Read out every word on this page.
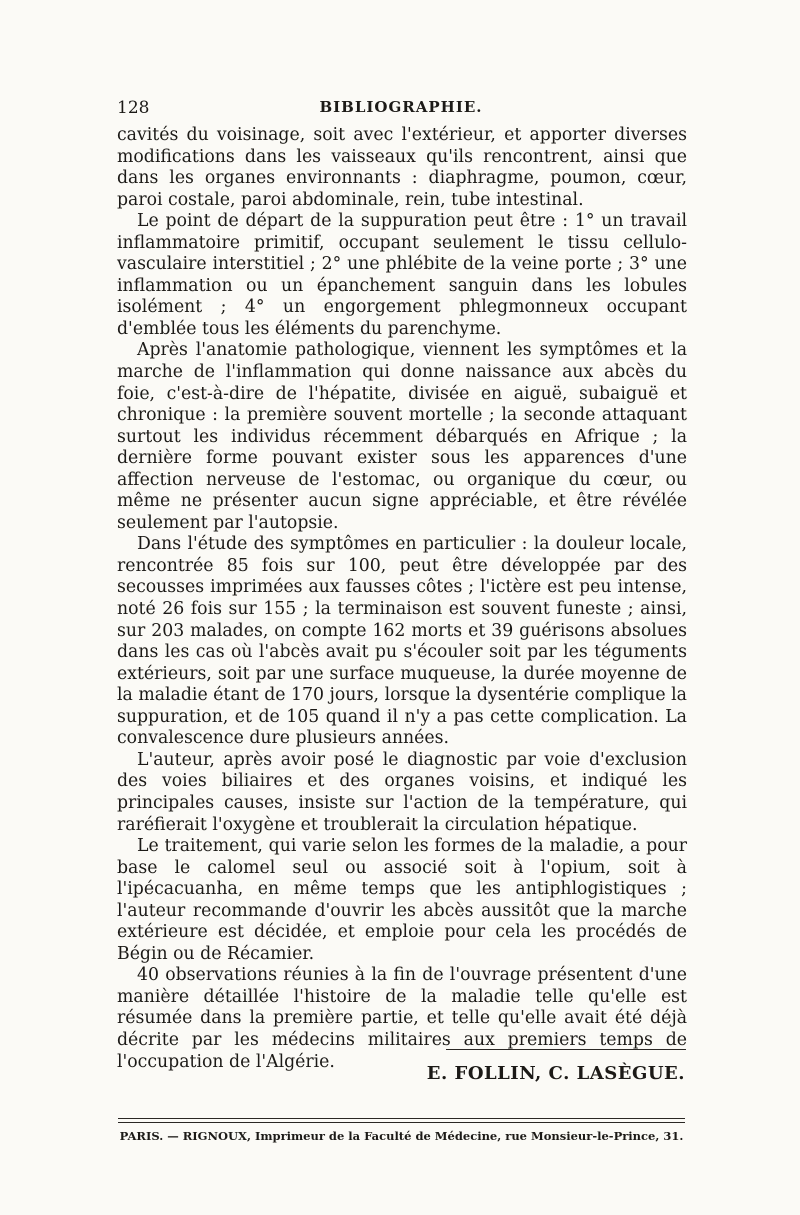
128	BIBLIOGRAPHIE.

cavités du voisinage, soit avec l'extérieur, et apporter diverses modifications dans les vaisseaux qu'ils rencontrent, ainsi que dans les organes environnants : diaphragme, poumon, cœur, paroi costale, paroi abdominale, rein, tube intestinal.

Le point de départ de la suppuration peut être : 1° un travail inflammatoire primitif, occupant seulement le tissu cellulo-vasculaire interstitiel ; 2° une phlébite de la veine porte ; 3° une inflammation ou un épanchement sanguin dans les lobules isolément ; 4° un engorgement phlegmonneux occupant d'emblée tous les éléments du parenchyme.

Après l'anatomie pathologique, viennent les symptômes et la marche de l'inflammation qui donne naissance aux abcès du foie, c'est-à-dire de l'hépatite, divisée en aiguë, subaiguë et chronique : la première souvent mortelle ; la seconde attaquant surtout les individus récemment débarqués en Afrique ; la dernière forme pouvant exister sous les apparences d'une affection nerveuse de l'estomac, ou organique du cœur, ou même ne présenter aucun signe appréciable, et être révélée seulement par l'autopsie.

Dans l'étude des symptômes en particulier : la douleur locale, rencontrée 85 fois sur 100, peut être développée par des secousses imprimées aux fausses côtes ; l'ictère est peu intense, noté 26 fois sur 155 ; la terminaison est souvent funeste ; ainsi, sur 203 malades, on compte 162 morts et 39 guérisons absolues dans les cas où l'abcès avait pu s'écouler soit par les téguments extérieurs, soit par une surface muqueuse, la durée moyenne de la maladie étant de 170 jours, lorsque la dysentérie complique la suppuration, et de 105 quand il n'y a pas cette complication. La convalescence dure plusieurs années.

L'auteur, après avoir posé le diagnostic par voie d'exclusion des voies biliaires et des organes voisins, et indiqué les principales causes, insiste sur l'action de la température, qui raréfierait l'oxygène et troublerait la circulation hépatique.

Le traitement, qui varie selon les formes de la maladie, a pour base le calomel seul ou associé soit à l'opium, soit à l'ipécacuanha, en même temps que les antiphlogistiques ; l'auteur recommande d'ouvrir les abcès aussitôt que la marche extérieure est décidée, et emploie pour cela les procédés de Bégin ou de Récamier.

40 observations réunies à la fin de l'ouvrage présentent d'une manière détaillée l'histoire de la maladie telle qu'elle est résumée dans la première partie, et telle qu'elle avait été déjà décrite par les médecins militaires aux premiers temps de l'occupation de l'Algérie.

E. FOLLIN, C. LASÈGUE.
PARIS. — RIGNOUX, Imprimeur de la Faculté de Médecine, rue Monsieur-le-Prince, 31.
